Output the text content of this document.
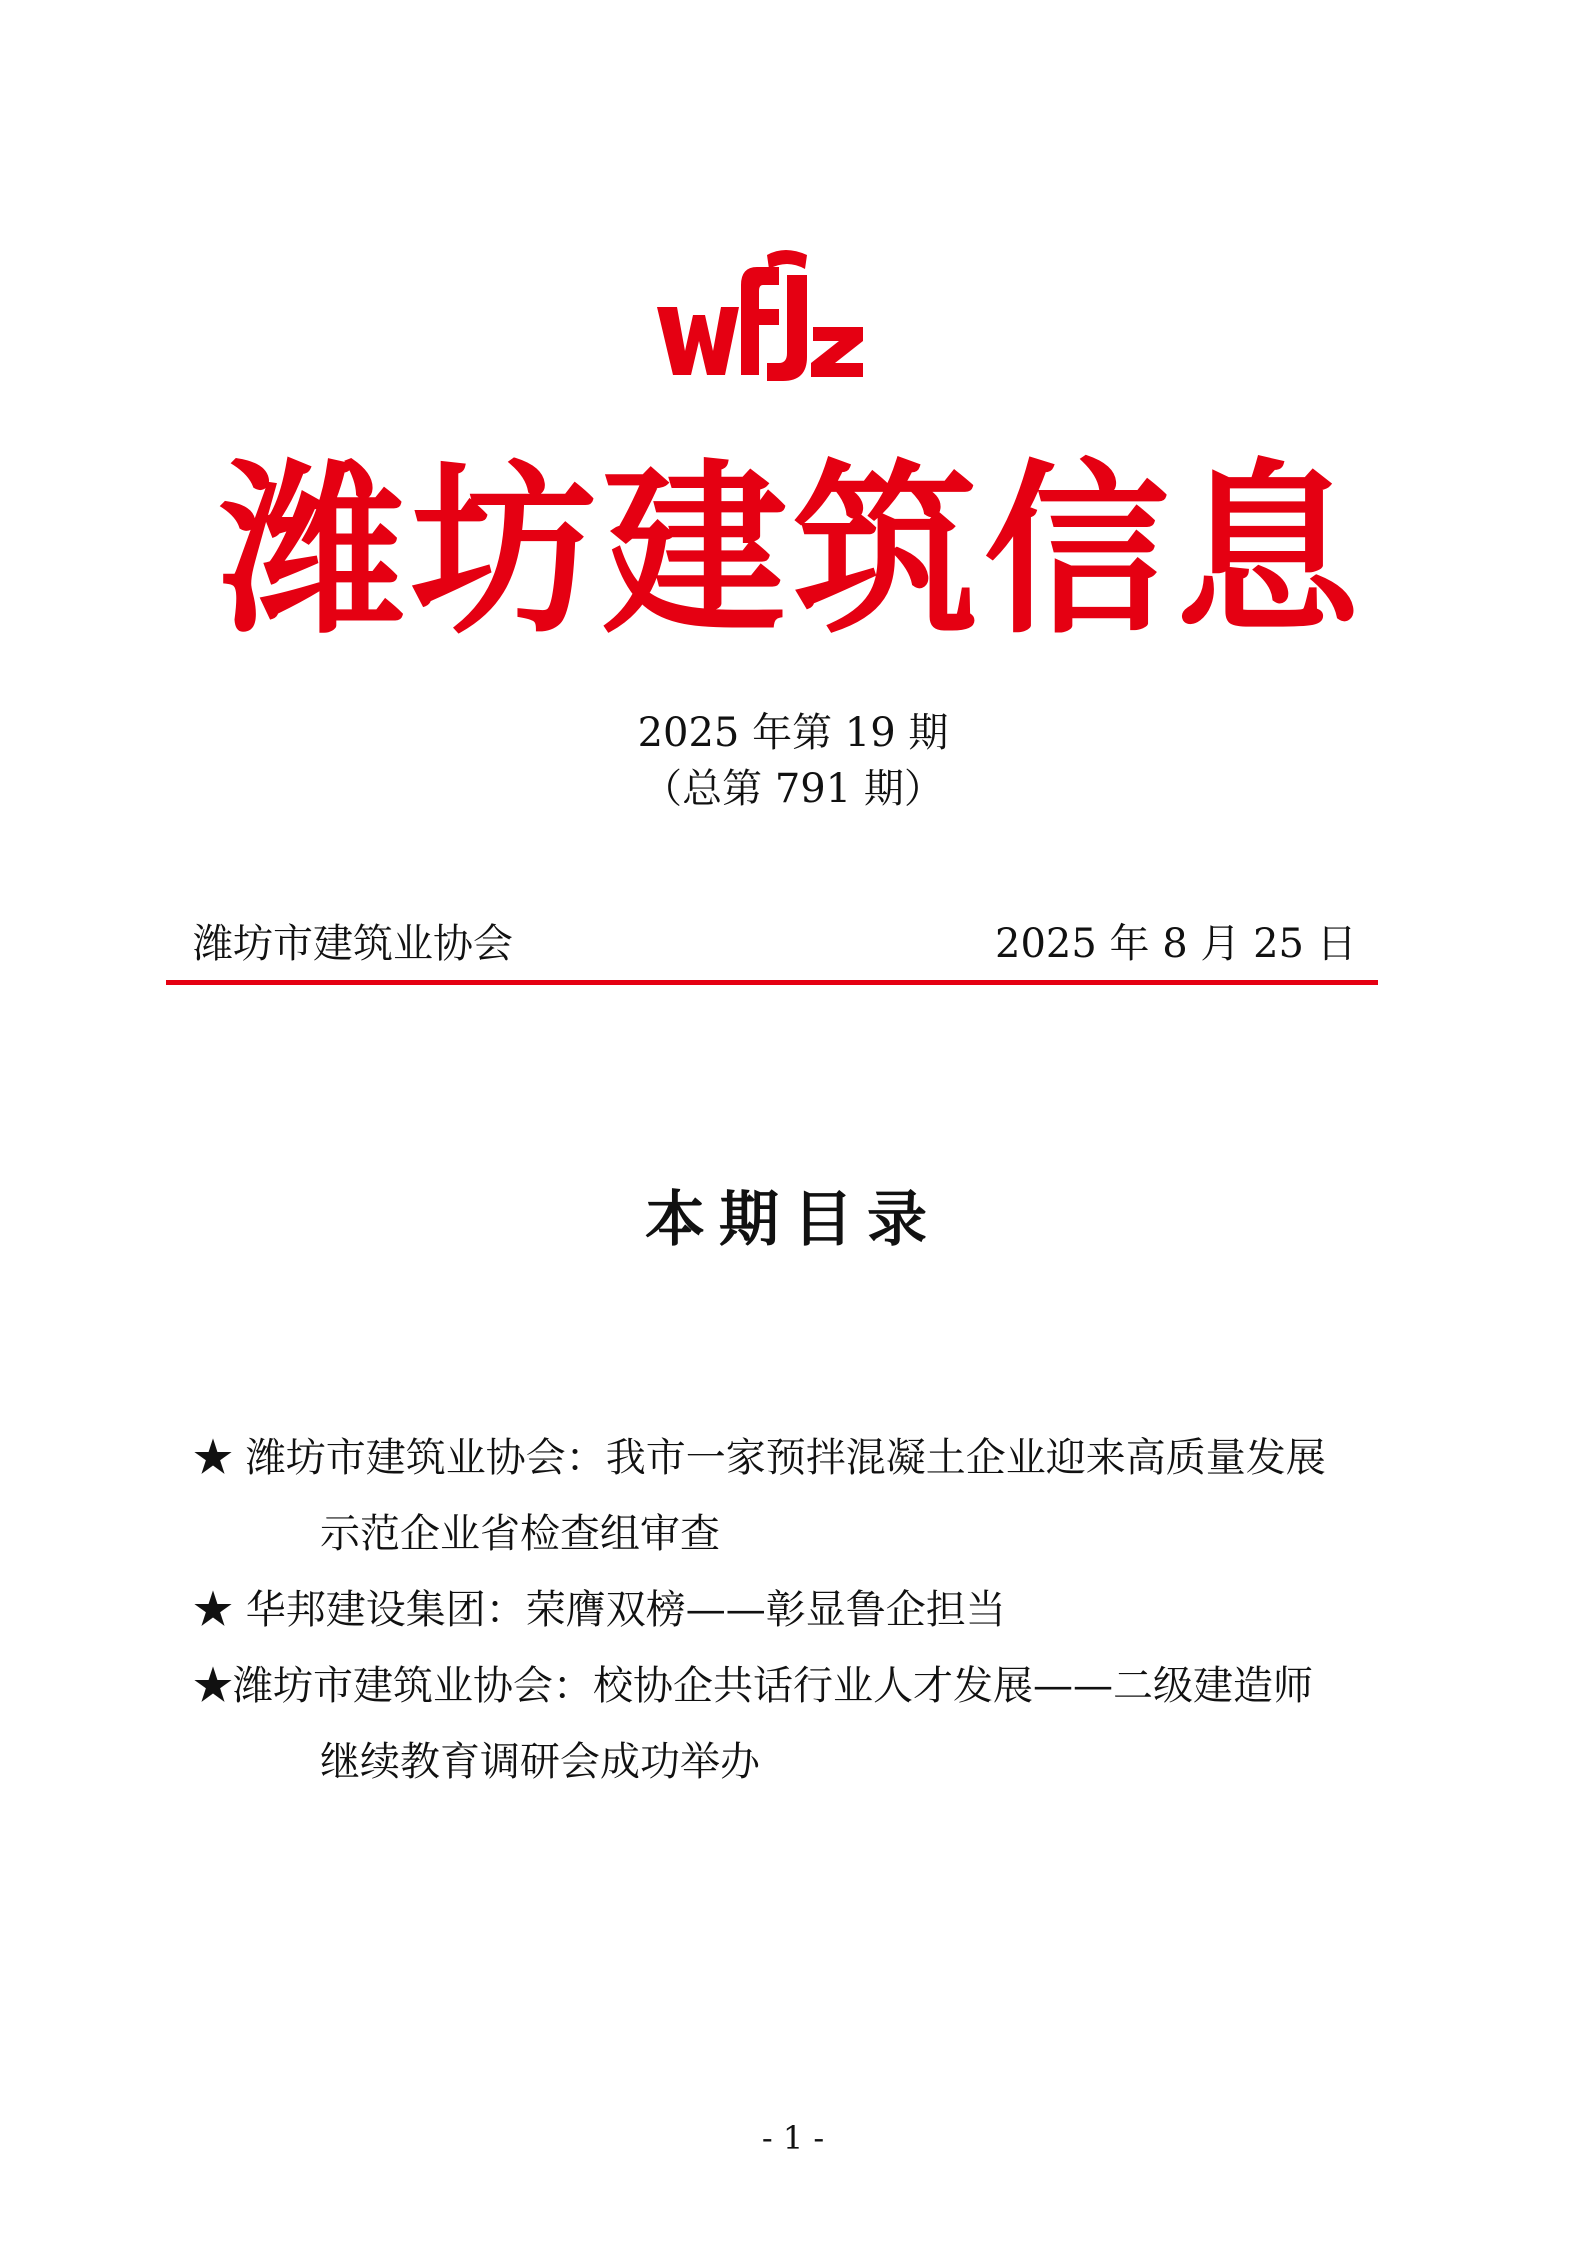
潍坊建筑信息
2025 年第 19 期
（总第 791 期）
潍坊市建筑业协会	2025 年 8 月 25 日
本期目录
★ 潍坊市建筑业协会：我市一家预拌混凝土企业迎来高质量发展
示范企业省检查组审查
★ 华邦建设集团：荣膺双榜——彰显鲁企担当
★潍坊市建筑业协会：校协企共话行业人才发展——二级建造师
继续教育调研会成功举办
- 1 -
